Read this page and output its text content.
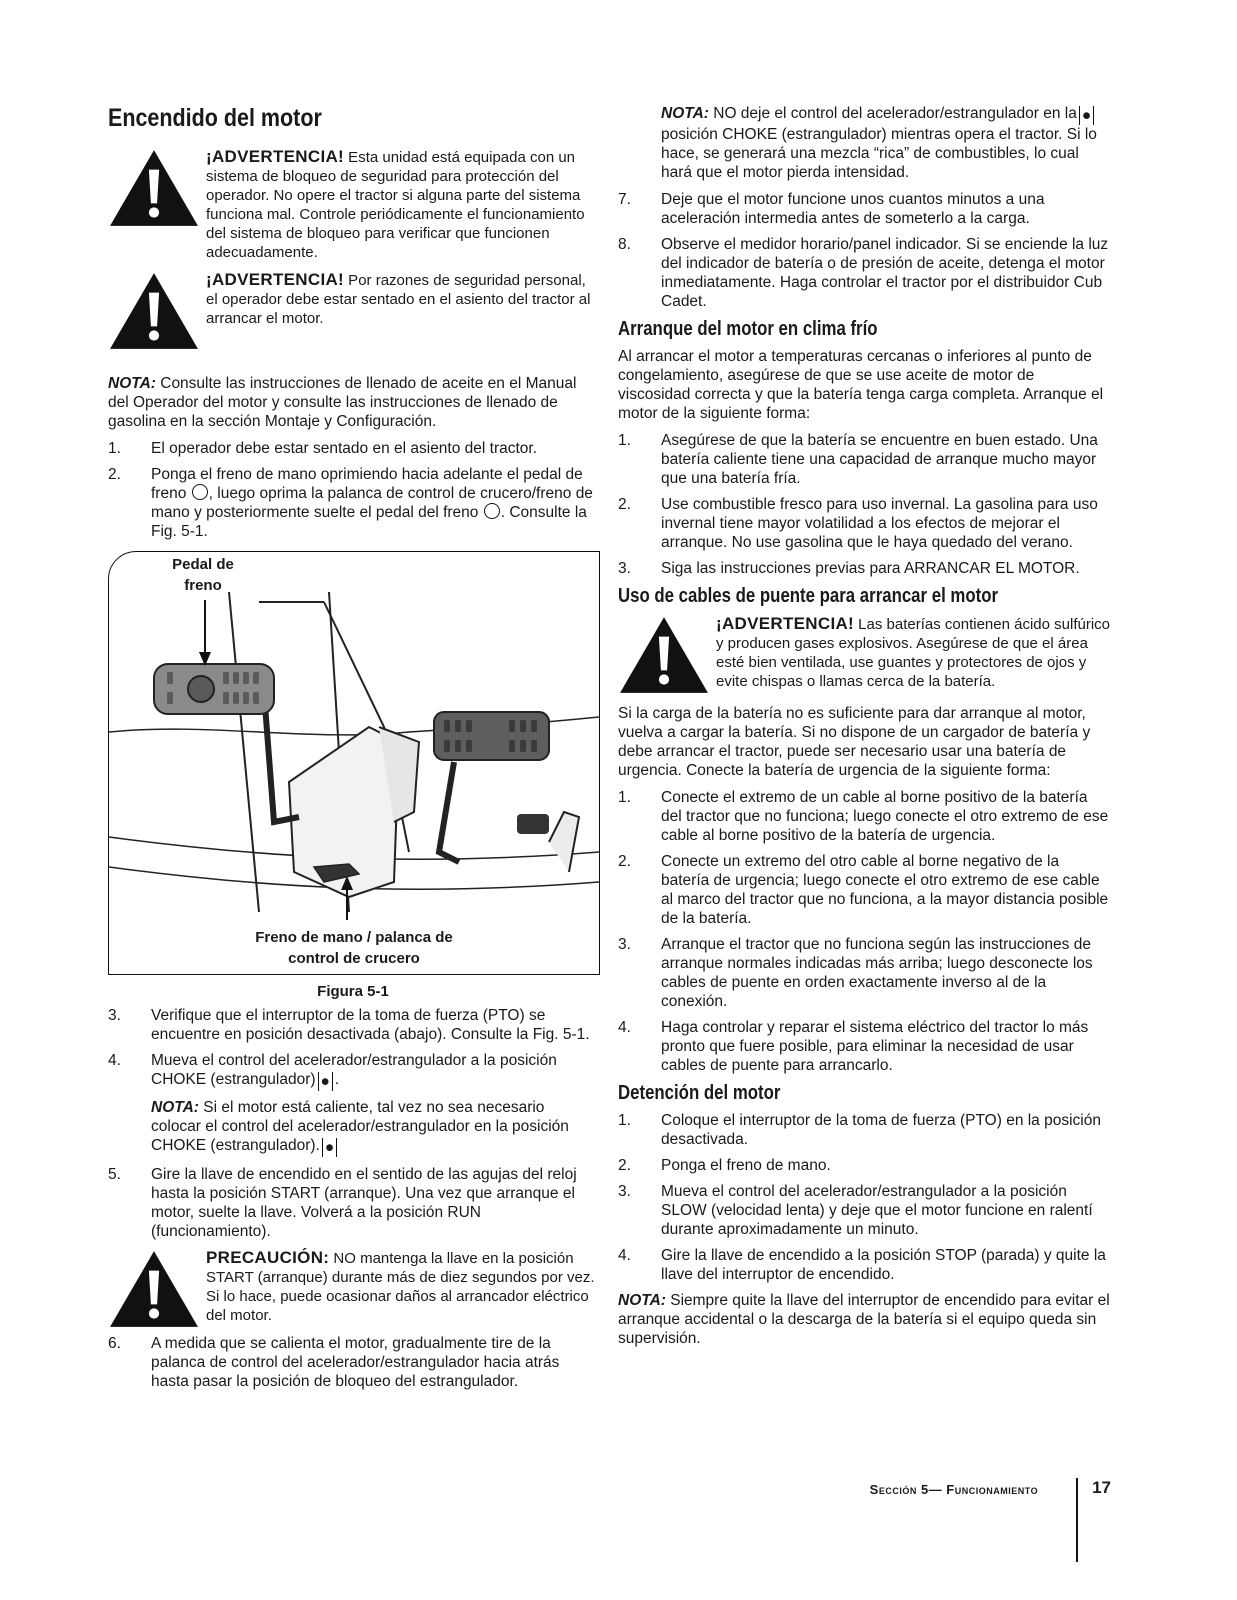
Encendido del motor
¡ADVERTENCIA! Esta unidad está equipada con un sistema de bloqueo de seguridad para protección del operador. No opere el tractor si alguna parte del sistema funciona mal. Controle periódicamente el funcionamiento del sistema de bloqueo para verificar que funcionen adecuadamente.
¡ADVERTENCIA! Por razones de seguridad personal, el operador debe estar sentado en el asiento del tractor al arrancar el motor.

NOTA: Consulte las instrucciones de llenado de aceite en el Manual del Operador del motor y consulte las instrucciones de llenado de gasolina en la sección Montaje y Configuración.

1.	El operador debe estar sentado en el asiento del tractor.
2.	Ponga el freno de mano oprimiendo hacia adelante el pedal de freno , luego oprima la palanca de control de crucero/freno de mano y posteriormente suelte el pedal del freno . Consulte la Fig. 5-1.
Pedal de freno
Freno de mano / palanca de control de crucero
Figura 5-1
3.	Verifique que el interruptor de la toma de fuerza (PTO) se encuentre en posición desactivada (abajo). Consulte la Fig. 5-1.
4.	Mueva el control del acelerador/estrangulador a la posición CHOKE (estrangulador) ● .
NOTA: Si el motor está caliente, tal vez no sea necesario colocar el control del acelerador/estrangulador en la posición CHOKE (estrangulador). ●
5.	Gire la llave de encendido en el sentido de las agujas del reloj hasta la posición START (arranque). Una vez que arranque el motor, suelte la llave. Volverá a la posición RUN (funcionamiento).
PRECAUCIÓN: NO mantenga la llave en la posición START (arranque) durante más de diez segundos por vez. Si lo hace, puede ocasionar daños al arrancador eléctrico del motor.
6.	A medida que se calienta el motor, gradualmente tire de la palanca de control del acelerador/estrangulador hacia atrás hasta pasar la posición de bloqueo del estrangulador.
NOTA: NO deje el control del acelerador/estrangulador en la ● posición CHOKE (estrangulador) mientras opera el tractor. Si lo hace, se generará una mezcla “rica” de combustibles, lo cual hará que el motor pierda intensidad.
7.	Deje que el motor funcione unos cuantos minutos a una aceleración intermedia antes de someterlo a la carga.
8.	Observe el medidor horario/panel indicador. Si se enciende la luz del indicador de batería o de presión de aceite, detenga el motor inmediatamente. Haga controlar el tractor por el distribuidor Cub Cadet.
Arranque del motor en clima frío

Al arrancar el motor a temperaturas cercanas o inferiores al punto de congelamiento, asegúrese de que se use aceite de motor de viscosidad correcta y que la batería tenga carga completa. Arranque el motor de la siguiente forma:

1.	Asegúrese de que la batería se encuentre en buen estado. Una batería caliente tiene una capacidad de arranque mucho mayor que una batería fría.
2.	Use combustible fresco para uso invernal. La gasolina para uso invernal tiene mayor volatilidad a los efectos de mejorar el arranque. No use gasolina que le haya quedado del verano.
3.	Siga las instrucciones previas para ARRANCAR EL MOTOR.
Uso de cables de puente para arrancar el motor
¡ADVERTENCIA! Las baterías contienen ácido sulfúrico y producen gases explosivos. Asegúrese de que el área esté bien ventilada, use guantes y protectores de ojos y evite chispas o llamas cerca de la batería.

Si la carga de la batería no es suficiente para dar arranque al motor, vuelva a cargar la batería. Si no dispone de un cargador de batería y debe arrancar el tractor, puede ser necesario usar una batería de urgencia. Conecte la batería de urgencia de la siguiente forma:

1.	Conecte el extremo de un cable al borne positivo de la batería del tractor que no funciona; luego conecte el otro extremo de ese cable al borne positivo de la batería de urgencia.
2.	Conecte un extremo del otro cable al borne negativo de la batería de urgencia; luego conecte el otro extremo de ese cable al marco del tractor que no funciona, a la mayor distancia posible de la batería.
3.	Arranque el tractor que no funciona según las instrucciones de arranque normales indicadas más arriba; luego desconecte los cables de puente en orden exactamente inverso al de la conexión.
4.	Haga controlar y reparar el sistema eléctrico del tractor lo más pronto que fuere posible, para eliminar la necesidad de usar cables de puente para arrancarlo.
Detención del motor
1.	Coloque el interruptor de la toma de fuerza (PTO) en la posición desactivada.
2.	Ponga el freno de mano.
3.	Mueva el control del acelerador/estrangulador a la posición SLOW (velocidad lenta) y deje que el motor funcione en ralentí durante aproximadamente un minuto.
4.	Gire la llave de encendido a la posición STOP (parada) y quite la llave del interruptor de encendido.

NOTA: Siempre quite la llave del interruptor de encendido para evitar el arranque accidental o la descarga de la batería si el equipo queda sin supervisión.

Sección 5— Funcionamiento	17
